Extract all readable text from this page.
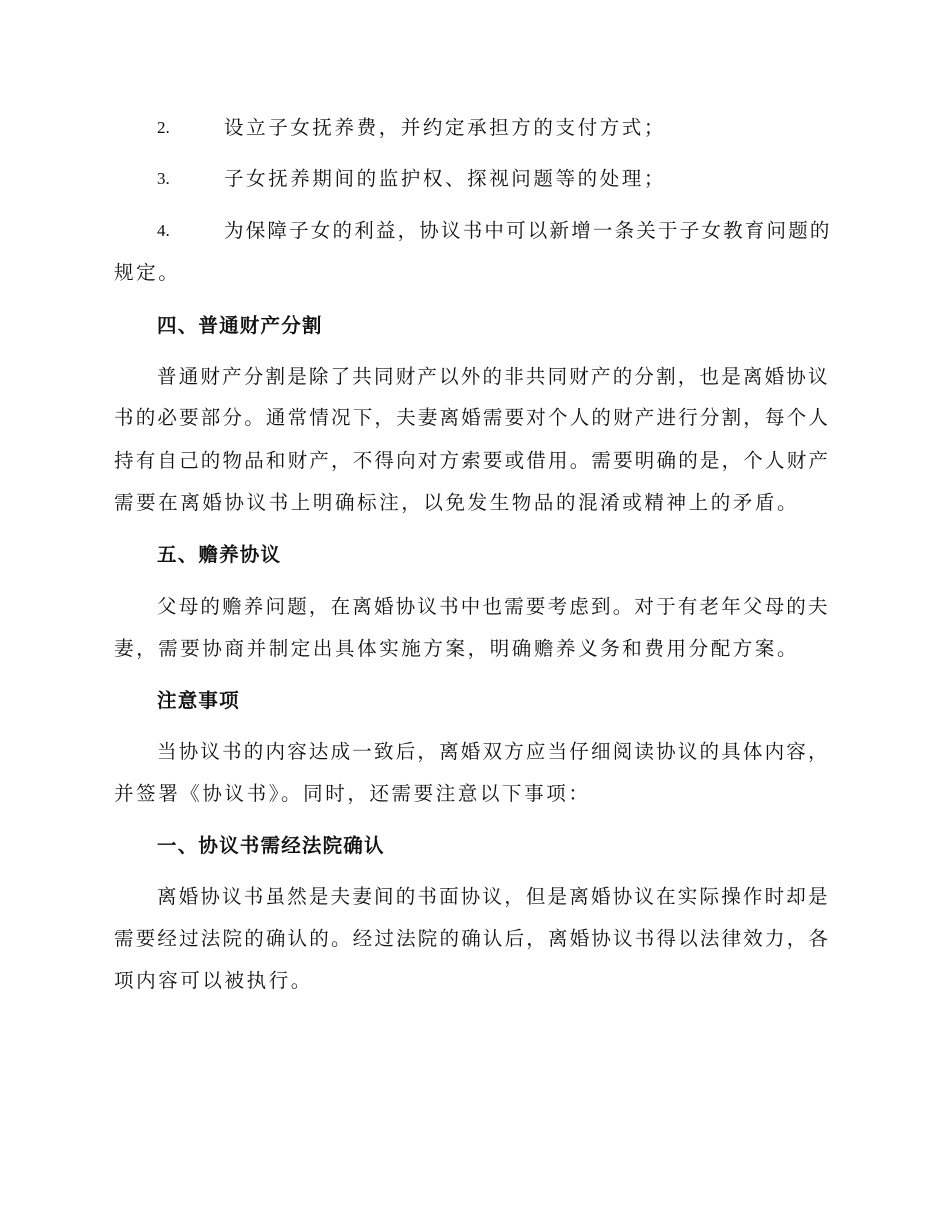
2.	设立子女抚养费，并约定承担方的支付方式；
3.	子女抚养期间的监护权、探视问题等的处理；
4.	为保障子女的利益，协议书中可以新增一条关于子女教育问题的
规定。
四、普通财产分割
普通财产分割是除了共同财产以外的非共同财产的分割，也是离婚协议
书的必要部分。通常情况下，夫妻离婚需要对个人的财产进行分割，每个人
持有自己的物品和财产，不得向对方索要或借用。需要明确的是，个人财产
需要在离婚协议书上明确标注，以免发生物品的混淆或精神上的矛盾。
五、赡养协议
父母的赡养问题，在离婚协议书中也需要考虑到。对于有老年父母的夫
妻，需要协商并制定出具体实施方案，明确赡养义务和费用分配方案。
注意事项
当协议书的内容达成一致后，离婚双方应当仔细阅读协议的具体内容，
并签署《协议书》。同时，还需要注意以下事项：
一、协议书需经法院确认
离婚协议书虽然是夫妻间的书面协议，但是离婚协议在实际操作时却是
需要经过法院的确认的。经过法院的确认后，离婚协议书得以法律效力，各
项内容可以被执行。
